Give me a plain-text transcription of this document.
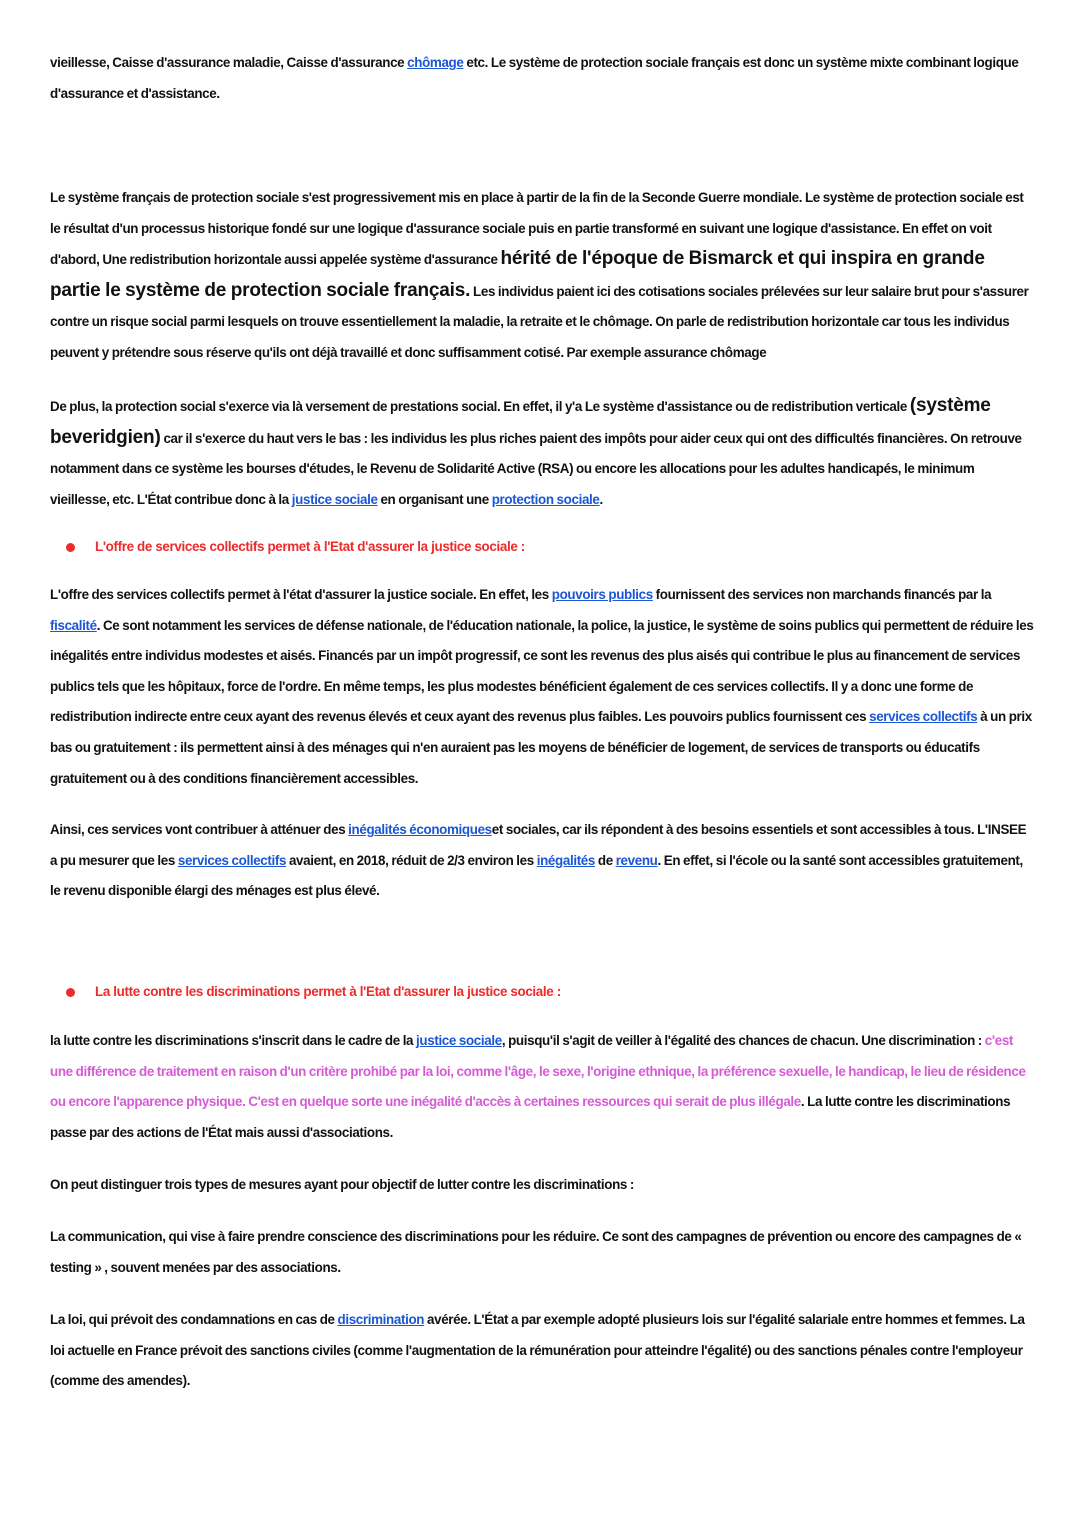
vieillesse, Caisse d'assurance maladie, Caisse d'assurance chômage etc. Le système de protection sociale français est donc un système mixte combinant logique d'assurance et d'assistance.
Le système français de protection sociale s'est progressivement mis en place à partir de la fin de la Seconde Guerre mondiale. Le système de protection sociale est le résultat d'un processus historique fondé sur une logique d'assurance sociale puis en partie transformé en suivant une logique d'assistance. En effet on voit d'abord, Une redistribution horizontale aussi appelée système d'assurance hérité de l'époque de Bismarck et qui inspira en grande partie le système de protection sociale français. Les individus paient ici des cotisations sociales prélevées sur leur salaire brut pour s'assurer contre un risque social parmi lesquels on trouve essentiellement la maladie, la retraite et le chômage. On parle de redistribution horizontale car tous les individus peuvent y prétendre sous réserve qu'ils ont déjà travaillé et donc suffisamment cotisé. Par exemple assurance chômage
De plus, la protection social s'exerce via là versement de prestations social. En effet, il y'a Le système d'assistance ou de redistribution verticale (système beveridgien) car il s'exerce du haut vers le bas : les individus les plus riches paient des impôts pour aider ceux qui ont des difficultés financières. On retrouve notamment dans ce système les bourses d'études, le Revenu de Solidarité Active (RSA) ou encore les allocations pour les adultes handicapés, le minimum vieillesse, etc. L'État contribue donc à la justice sociale en organisant une protection sociale.
L'offre de services collectifs permet à l'Etat d'assurer la justice sociale :
L'offre des services collectifs permet à l'état d'assurer la justice sociale. En effet, les pouvoirs publics fournissent des services non marchands financés par la fiscalité. Ce sont notamment les services de défense nationale, de l'éducation nationale, la police, la justice, le système de soins publics qui permettent de réduire les inégalités entre individus modestes et aisés. Financés par un impôt progressif, ce sont les revenus des plus aisés qui contribue le plus au financement de services publics tels que les hôpitaux, force de l'ordre. En même temps, les plus modestes bénéficient également de ces services collectifs. Il y a donc une forme de redistribution indirecte entre ceux ayant des revenus élevés et ceux ayant des revenus plus faibles. Les pouvoirs publics fournissent ces services collectifs à un prix bas ou gratuitement : ils permettent ainsi à des ménages qui n'en auraient pas les moyens de bénéficier de logement, de services de transports ou éducatifs gratuitement ou à des conditions financièrement accessibles.
Ainsi, ces services vont contribuer à atténuer des inégalités économiqueset sociales, car ils répondent à des besoins essentiels et sont accessibles à tous. L'INSEE a pu mesurer que les services collectifs avaient, en 2018, réduit de 2/3 environ les inégalités de revenu. En effet, si l'école ou la santé sont accessibles gratuitement, le revenu disponible élargi des ménages est plus élevé.
La lutte contre les discriminations permet à l'Etat d'assurer la justice sociale :
la lutte contre les discriminations s'inscrit dans le cadre de la justice sociale, puisqu'il s'agit de veiller à l'égalité des chances de chacun. Une discrimination : c'est une différence de traitement en raison d'un critère prohibé par la loi, comme l'âge, le sexe, l'origine ethnique, la préférence sexuelle, le handicap, le lieu de résidence ou encore l'apparence physique. C'est en quelque sorte une inégalité d'accès à certaines ressources qui serait de plus illégale. La lutte contre les discriminations passe par des actions de l'État mais aussi d'associations.
On peut distinguer trois types de mesures ayant pour objectif de lutter contre les discriminations :
La communication, qui vise à faire prendre conscience des discriminations pour les réduire. Ce sont des campagnes de prévention ou encore des campagnes de « testing » , souvent menées par des associations.
La loi, qui prévoit des condamnations en cas de discrimination avérée. L'État a par exemple adopté plusieurs lois sur l'égalité salariale entre hommes et femmes. La loi actuelle en France prévoit des sanctions civiles (comme l'augmentation de la rémunération pour atteindre l'égalité) ou des sanctions pénales contre l'employeur (comme des amendes).
